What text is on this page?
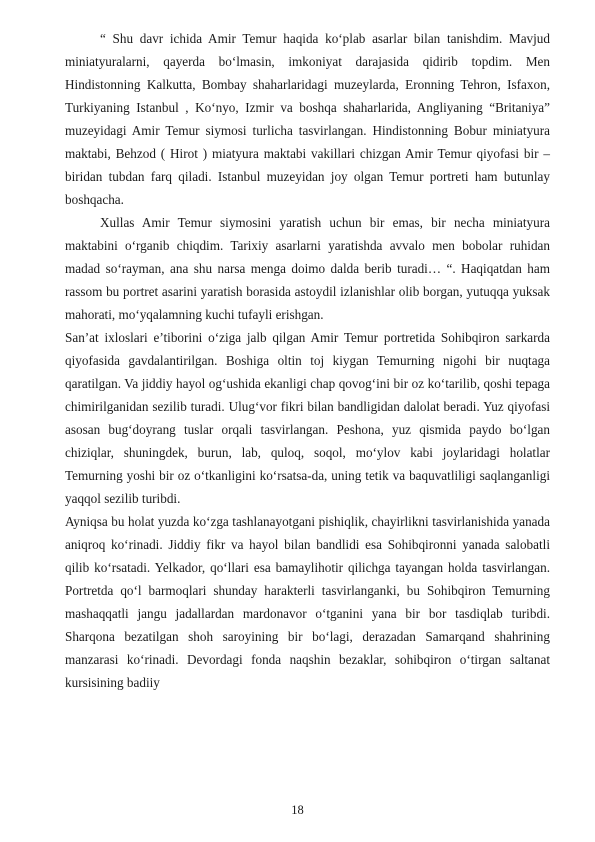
“ Shu davr ichida Amir Temur haqida ko‘plab asarlar bilan tanishdim. Mavjud miniatyuralarni, qayerda bo‘lmasin, imkoniyat darajasida qidirib topdim. Men Hindistonning Kalkutta, Bombay shaharlaridagi muzeylarda, Eronning Tehron, Isfaxon, Turkiyaning Istanbul , Ko‘nyo, Izmir va boshqa shaharlarida, Angliyaning “Britaniya” muzeyidagi Amir Temur siymosi turlicha tasvirlangan. Hindistonning Bobur miniatyura maktabi, Behzod ( Hirot ) miatyura maktabi vakillari chizgan Amir Temur qiyofasi bir – biridan tubdan farq qiladi. Istanbul muzeyidan joy olgan Temur portreti ham butunlay boshqacha.

Xullas Amir Temur siymosini yaratish uchun bir emas, bir necha miniatyura maktabini o‘rganib chiqdim. Tarixiy asarlarni yaratishda avvalo men bobolar ruhidan madad so‘rayman, ana shu narsa menga doimo dalda berib turadi… “. Haqiqatdan ham rassom bu portret asarini yaratish borasida astoydil izlanishlar olib borgan, yutuqqa yuksak mahorati, mo‘yqalamning kuchi tufayli erishgan.

San’at ixloslari e’tiborini o‘ziga jalb qilgan Amir Temur portretida Sohibqiron sarkarda qiyofasida gavdalantirilgan. Boshiga oltin toj kiygan Temurning nigohi bir nuqtaga qaratilgan. Va jiddiy hayol og‘ushida ekanligi chap qovog‘ini bir oz ko‘tarilib, qoshi tepaga chimirilganidan sezilib turadi. Ulug‘vor fikri bilan bandligidan dalolat beradi. Yuz qiyofasi asosan bug‘doyrang tuslar orqali tasvirlangan. Peshona, yuz qismida paydo bo‘lgan chiziqlar, shuningdek, burun, lab, quloq, soqol, mo‘ylov kabi joylaridagi holatlar Temurning yoshi bir oz o‘tkanligini ko‘rsatsa-da, uning tetik va baquvatliligi saqlanganligi yaqqol sezilib turibdi.

Ayniqsa bu holat yuzda ko‘zga tashlanayotgani pishiqlik, chayirlikni tasvirlanishida yanada aniqroq ko‘rinadi. Jiddiy fikr va hayol bilan bandlidi esa Sohibqironni yanada salobatli qilib ko‘rsatadi. Yelkador, qo‘llari esa bamaylihotir qilichga tayangan holda tasvirlangan. Portretda qo‘l barmoqlari shunday harakterli tasvirlanganki, bu Sohibqiron Temurning mashaqqatli jangu jadallardan mardonavor o‘tganini yana bir bor tasdiqlab turibdi. Sharqona bezatilgan shoh saroyining bir bo‘lagi, derazadan Samarqand shahrining manzarasi ko‘rinadi. Devordagi fonda naqshin bezaklar, sohibqiron o‘tirgan saltanat kursisining badiiy

18
